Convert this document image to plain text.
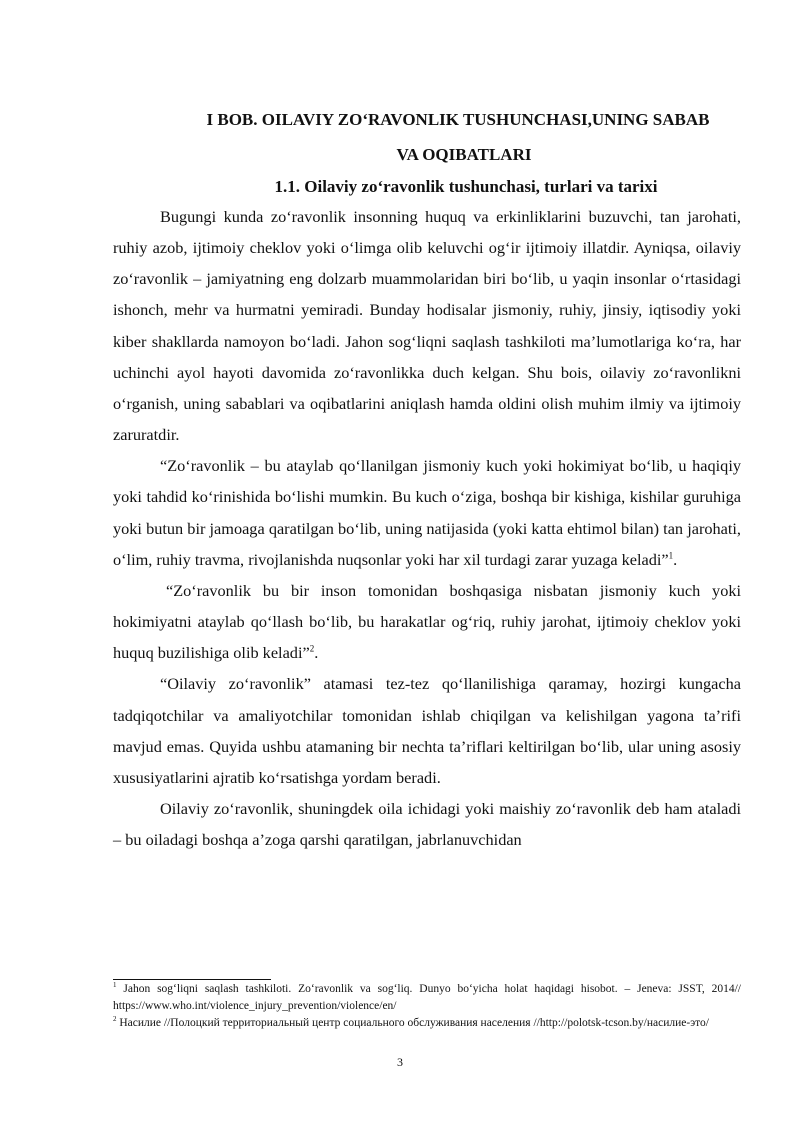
I BOB. OILAVIY ZO‘RAVONLIK TUSHUNCHASI,UNING SABAB
VA OQIBATLARI
1.1. Oilaviy zo‘ravonlik tushunchasi, turlari va tarixi

Bugungi kunda zo‘ravonlik insonning huquq va erkinliklarini buzuvchi, tan jarohati, ruhiy azob, ijtimoiy cheklov yoki o‘limga olib keluvchi og‘ir ijtimoiy illatdir. Ayniqsa, oilaviy zo‘ravonlik – jamiyatning eng dolzarb muammolaridan biri bo‘lib, u yaqin insonlar o‘rtasidagi ishonch, mehr va hurmatni yemiradi. Bunday hodisalar jismoniy, ruhiy, jinsiy, iqtisodiy yoki kiber shakllarda namoyon bo‘ladi. Jahon sog‘liqni saqlash tashkiloti ma’lumotlariga ko‘ra, har uchinchi ayol hayoti davomida zo‘ravonlikka duch kelgan. Shu bois, oilaviy zo‘ravonlikni o‘rganish, uning sabablari va oqibatlarini aniqlash hamda oldini olish muhim ilmiy va ijtimoiy zaruratdir.

“Zo‘ravonlik – bu ataylab qo‘llanilgan jismoniy kuch yoki hokimiyat bo‘lib, u haqiqiy yoki tahdid ko‘rinishida bo‘lishi mumkin. Bu kuch o‘ziga, boshqa bir kishiga, kishilar guruhiga yoki butun bir jamoaga qaratilgan bo‘lib, uning natijasida (yoki katta ehtimol bilan) tan jarohati, o‘lim, ruhiy travma, rivojlanishda nuqsonlar yoki har xil turdagi zarar yuzaga keladi”$^1$.

“Zo‘ravonlik bu bir inson tomonidan boshqasiga nisbatan jismoniy kuch yoki hokimiyatni ataylab qo‘llash bo‘lib, bu harakatlar og‘riq, ruhiy jarohat, ijtimoiy cheklov yoki huquq buzilishiga olib keladi”$^2$.

“Oilaviy zo‘ravonlik” atamasi tez-tez qo‘llanilishiga qaramay, hozirgi kungacha tadqiqotchilar va amaliyotchilar tomonidan ishlab chiqilgan va kelishilgan yagona ta’rifi mavjud emas. Quyida ushbu atamaning bir nechta ta’riflari keltirilgan bo‘lib, ular uning asosiy xususiyatlarini ajratib ko‘rsatishga yordam beradi.

Oilaviy zo‘ravonlik, shuningdek oila ichidagi yoki maishiy zo‘ravonlik deb ham ataladi – bu oiladagi boshqa a’zoga qarshi qaratilgan, jabrlanuvchidan

$^1$ Jahon sog‘liqni saqlash tashkiloti. Zo‘ravonlik va sog‘liq. Dunyo bo‘yicha holat haqidagi hisobot. – Jeneva: JSST, 2014// https://www.who.int/violence_injury_prevention/violence/en/

$^2$ Насилие //Полоцкий территориальный центр социального обслуживания населения //http://polotsk-tcson.by/насилие-это/

3
